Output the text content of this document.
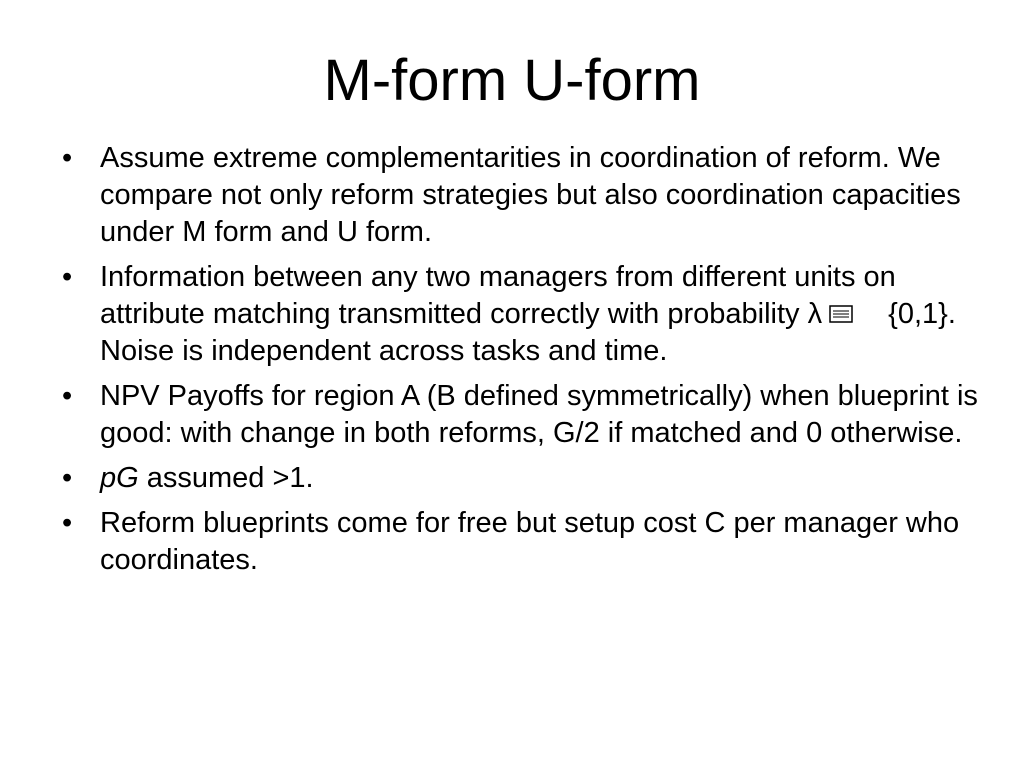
M-form U-form
• Assume extreme complementarities in coordination of reform. We compare not only reform strategies but also coordination capacities under M form and U form.
• Information between any two managers from different units on attribute matching transmitted correctly with probability λ {0,1}. Noise is independent across tasks and time.
• NPV Payoffs for region A (B defined symmetrically) when blueprint is good: with change in both reforms, G/2 if matched and 0 otherwise.
• pG assumed >1.
• Reform blueprints come for free but setup cost C per manager who coordinates.
